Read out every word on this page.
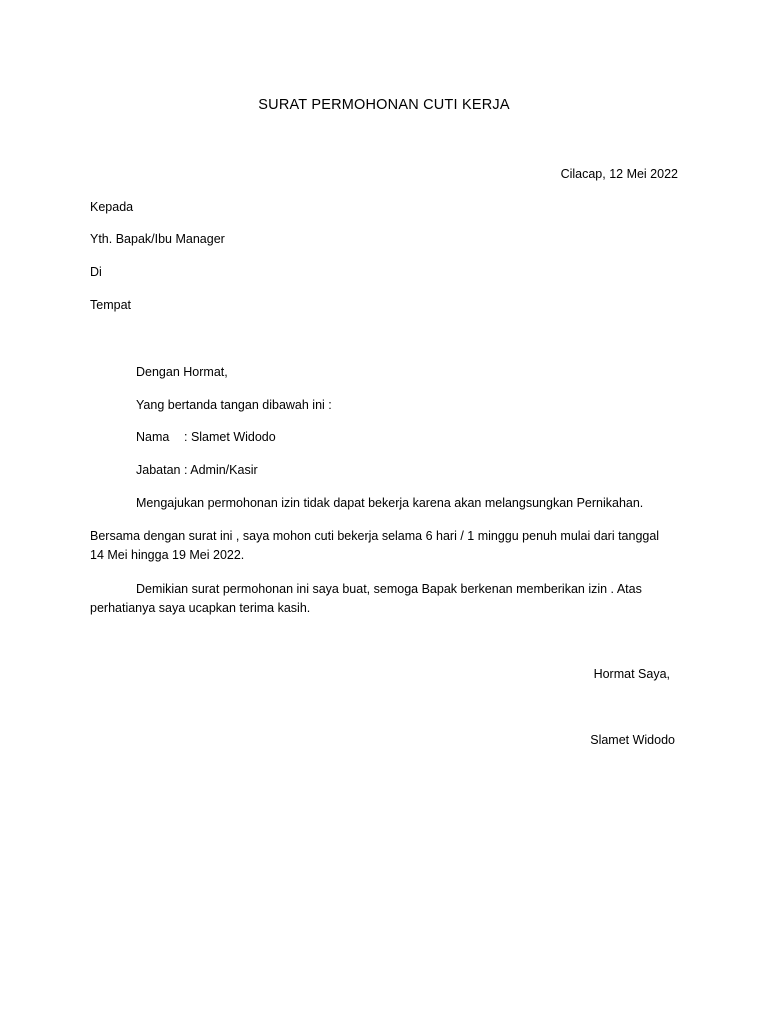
SURAT PERMOHONAN CUTI KERJA
Cilacap, 12 Mei 2022
Kepada
Yth. Bapak/Ibu Manager
Di
Tempat
Dengan Hormat,
Yang bertanda tangan dibawah ini :
Nama : Slamet Widodo
Jabatan : Admin/Kasir
Mengajukan permohonan izin tidak dapat bekerja karena akan melangsungkan Pernikahan.
Bersama dengan surat ini , saya mohon cuti bekerja selama 6 hari / 1 minggu penuh mulai dari tanggal
14 Mei hingga 19 Mei 2022.
Demikian surat permohonan ini saya buat, semoga Bapak berkenan memberikan izin . Atas
perhatianya saya ucapkan terima kasih.
Hormat Saya,
Slamet Widodo
